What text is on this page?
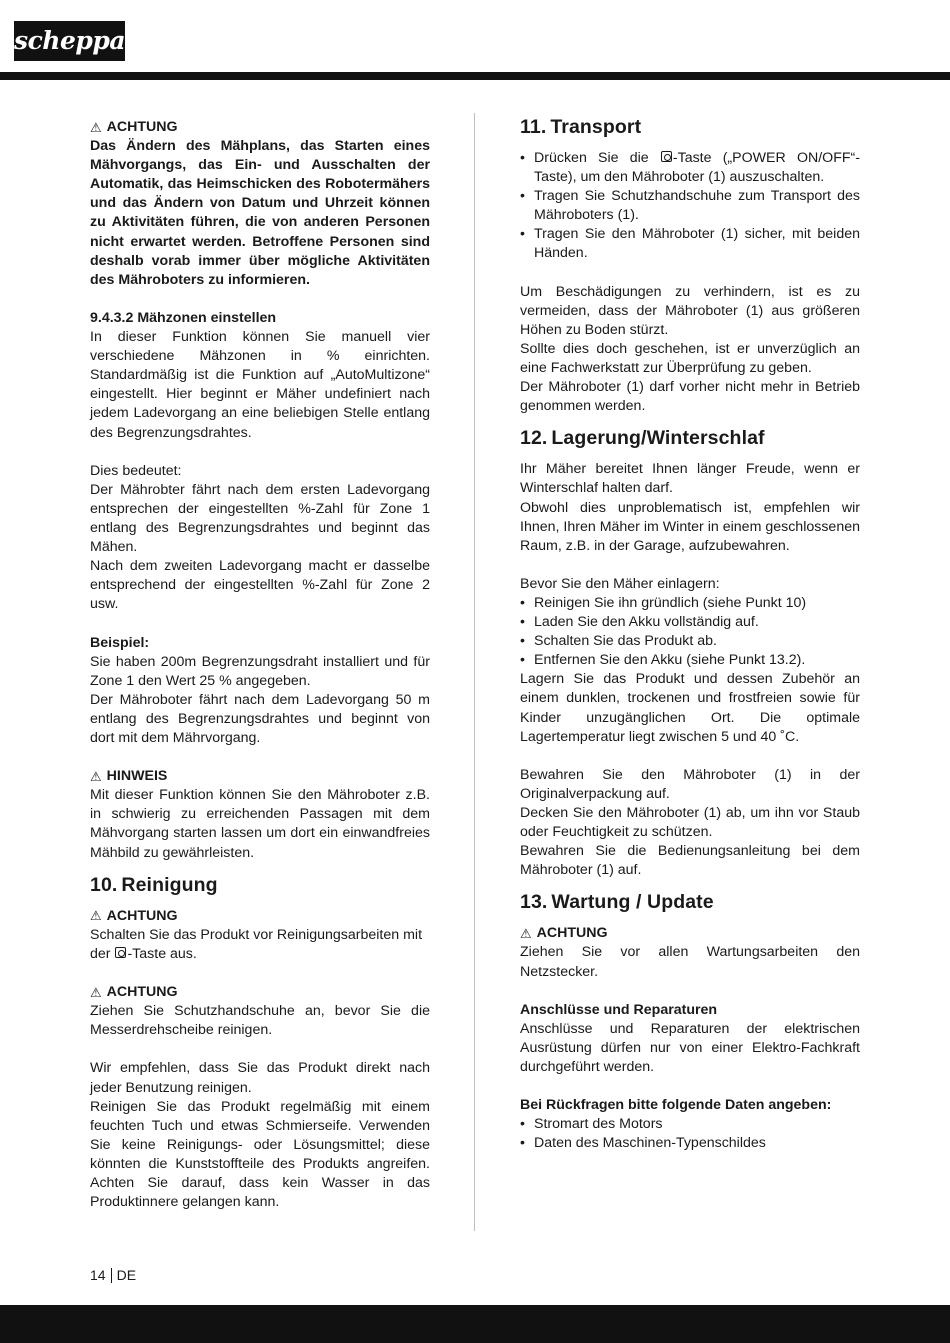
scheppach
⚠ ACHTUNG

Das Ändern des Mähplans, das Starten eines Mähvorgangs, das Ein- und Ausschalten der Automatik, das Heimschicken des Robotermähers und das Ändern von Datum und Uhrzeit können zu Aktivitäten führen, die von anderen Personen nicht erwartet werden. Betroffene Personen sind deshalb vorab immer über mögliche Aktivitäten des Mähroboters zu informieren.

9.4.3.2 Mähzonen einstellen

In dieser Funktion können Sie manuell vier verschiedene Mähzonen in % einrichten. Standardmäßig ist die Funktion auf „AutoMultizone“ eingestellt. Hier beginnt er Mäher undefiniert nach jedem Ladevorgang an eine beliebigen Stelle entlang des Begrenzungsdrahtes.

Dies bedeutet:

Der Mährobter fährt nach dem ersten Ladevorgang entsprechen der eingestellten %-Zahl für Zone 1 entlang des Begrenzungsdrahtes und beginnt das Mähen.

Nach dem zweiten Ladevorgang macht er dasselbe entsprechend der eingestellten %-Zahl für Zone 2 usw.

Beispiel:

Sie haben 200m Begrenzungsdraht installiert und für Zone 1 den Wert 25 % angegeben.

Der Mähroboter fährt nach dem Ladevorgang 50 m entlang des Begrenzungsdrahtes und beginnt von dort mit dem Mährvorgang.

⚠ HINWEIS

Mit dieser Funktion können Sie den Mähroboter z.B. in schwierig zu erreichenden Passagen mit dem Mähvorgang starten lassen um dort ein einwandfreies Mähbild zu gewährleisten.

10. Reinigung
⚠ ACHTUNG

Schalten Sie das Produkt vor Reinigungsarbeiten mit der -Taste aus.

⚠ ACHTUNG

Ziehen Sie Schutzhandschuhe an, bevor Sie die Messerdrehscheibe reinigen.

Wir empfehlen, dass Sie das Produkt direkt nach jeder Benutzung reinigen.

Reinigen Sie das Produkt regelmäßig mit einem feuchten Tuch und etwas Schmierseife. Verwenden Sie keine Reinigungs- oder Lösungsmittel; diese könnten die Kunststoffteile des Produkts angreifen. Achten Sie darauf, dass kein Wasser in das Produktinnere gelangen kann.

11. Transport
• Drücken Sie die -Taste („POWER ON/OFF“-Taste), um den Mähroboter (1) auszuschalten.
• Tragen Sie Schutzhandschuhe zum Transport des Mähroboters (1).
• Tragen Sie den Mähroboter (1) sicher, mit beiden Händen.

Um Beschädigungen zu verhindern, ist es zu vermeiden, dass der Mähroboter (1) aus größeren Höhen zu Boden stürzt.

Sollte dies doch geschehen, ist er unverzüglich an eine Fachwerkstatt zur Überprüfung zu geben.

Der Mähroboter (1) darf vorher nicht mehr in Betrieb genommen werden.

12. Lagerung/Winterschlaf

Ihr Mäher bereitet Ihnen länger Freude, wenn er Winterschlaf halten darf.

Obwohl dies unproblematisch ist, empfehlen wir Ihnen, Ihren Mäher im Winter in einem geschlossenen Raum, z.B. in der Garage, aufzubewahren.

Bevor Sie den Mäher einlagern:

• Reinigen Sie ihn gründlich (siehe Punkt 10)
• Laden Sie den Akku vollständig auf.
• Schalten Sie das Produkt ab.
• Entfernen Sie den Akku (siehe Punkt 13.2).

Lagern Sie das Produkt und dessen Zubehör an einem dunklen, trockenen und frostfreien sowie für Kinder unzugänglichen Ort. Die optimale Lagertemperatur liegt zwischen 5 und 40 ˚C.

Bewahren Sie den Mähroboter (1) in der Originalverpackung auf.

Decken Sie den Mähroboter (1) ab, um ihn vor Staub oder Feuchtigkeit zu schützen.

Bewahren Sie die Bedienungsanleitung bei dem Mähroboter (1) auf.

13. Wartung / Update
⚠ ACHTUNG

Ziehen Sie vor allen Wartungsarbeiten den Netzstecker.

Anschlüsse und Reparaturen

Anschlüsse und Reparaturen der elektrischen Ausrüstung dürfen nur von einer Elektro-Fachkraft durchgeführt werden.

Bei Rückfragen bitte folgende Daten angeben:

• Stromart des Motors
• Daten des Maschinen-Typenschildes
14 DE
